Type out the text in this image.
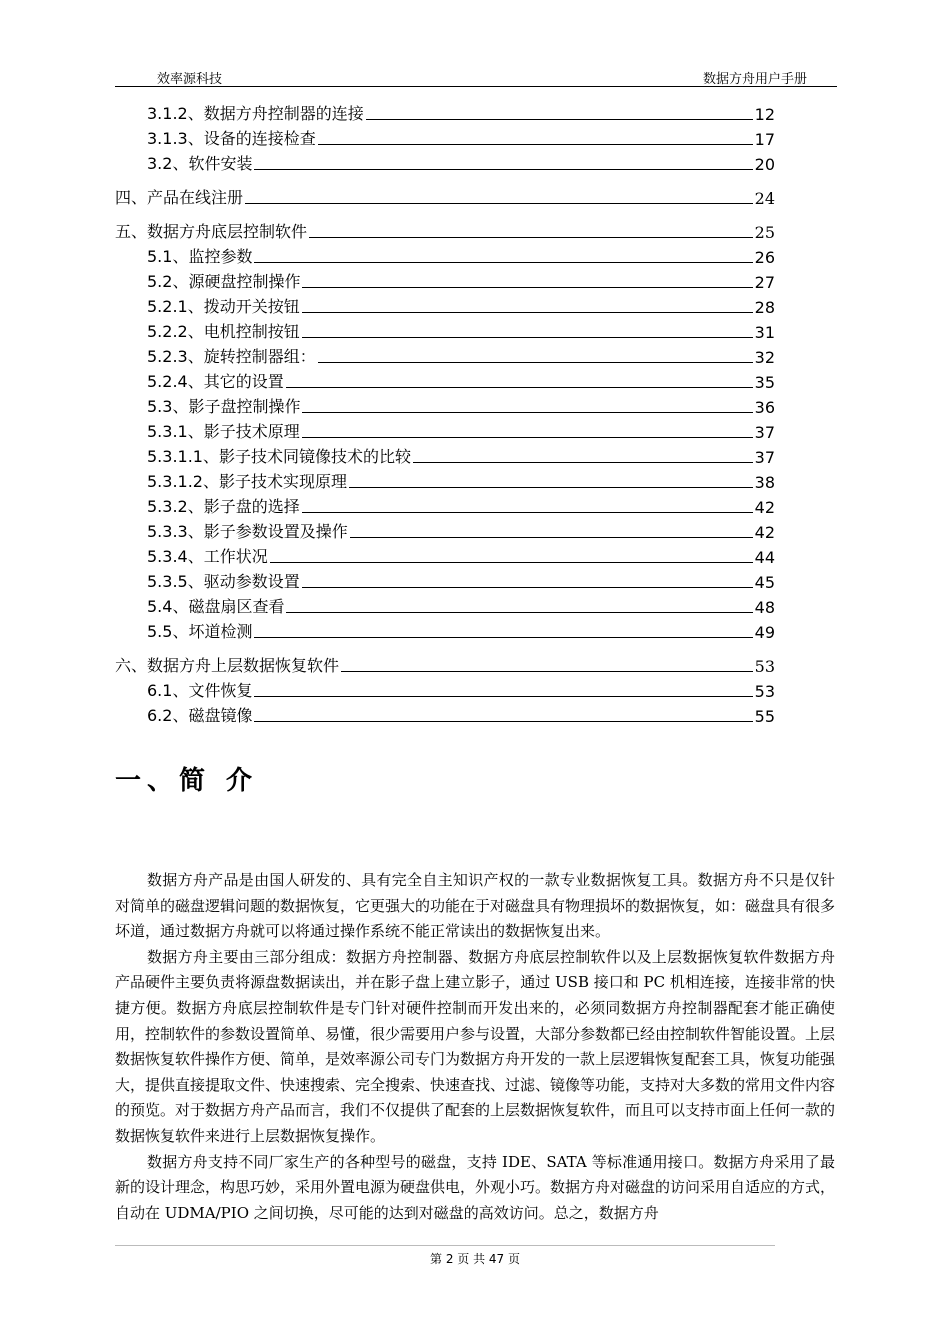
效率源科技	数据方舟用户手册
3.1.2、数据方舟控制器的连接	12
3.1.3、设备的连接检查	17
3.2、软件安装	20
四、产品在线注册	24
五、数据方舟底层控制软件	25
5.1、监控参数	26
5.2、源硬盘控制操作	27
5.2.1、拨动开关按钮	28
5.2.2、电机控制按钮	31
5.2.3、旋转控制器组：	32
5.2.4、其它的设置	35
5.3、影子盘控制操作	36
5.3.1、影子技术原理	37
5.3.1.1、影子技术同镜像技术的比较	37
5.3.1.2、影子技术实现原理	38
5.3.2、影子盘的选择	42
5.3.3、影子参数设置及操作	42
5.3.4、工作状况	44
5.3.5、驱动参数设置	45
5.4、磁盘扇区查看	48
5.5、坏道检测	49
六、数据方舟上层数据恢复软件	53
6.1、文件恢复	53
6.2、磁盘镜像	55
一、简 介

数据方舟产品是由国人研发的、具有完全自主知识产权的一款专业数据恢复工具。数据方舟不只是仅针对简单的磁盘逻辑问题的数据恢复，它更强大的功能在于对磁盘具有物理损坏的数据恢复，如：磁盘具有很多坏道，通过数据方舟就可以将通过操作系统不能正常读出的数据恢复出来。

数据方舟主要由三部分组成：数据方舟控制器、数据方舟底层控制软件以及上层数据恢复软件数据方舟产品硬件主要负责将源盘数据读出，并在影子盘上建立影子，通过 USB 接口和 PC 机相连接，连接非常的快捷方便。数据方舟底层控制软件是专门针对硬件控制而开发出来的，必须同数据方舟控制器配套才能正确使用，控制软件的参数设置简单、易懂，很少需要用户参与设置，大部分参数都已经由控制软件智能设置。上层数据恢复软件操作方便、简单，是效率源公司专门为数据方舟开发的一款上层逻辑恢复配套工具，恢复功能强大，提供直接提取文件、快速搜索、完全搜索、快速查找、过滤、镜像等功能，支持对大多数的常用文件内容的预览。对于数据方舟产品而言，我们不仅提供了配套的上层数据恢复软件，而且可以支持市面上任何一款的数据恢复软件来进行上层数据恢复操作。

数据方舟支持不同厂家生产的各种型号的磁盘，支持 IDE、SATA 等标准通用接口。数据方舟采用了最新的设计理念，构思巧妙，采用外置电源为硬盘供电，外观小巧。数据方舟对磁盘的访问采用自适应的方式，自动在 UDMA/PIO 之间切换，尽可能的达到对磁盘的高效访问。总之，数据方舟

第 2 页 共 47 页
